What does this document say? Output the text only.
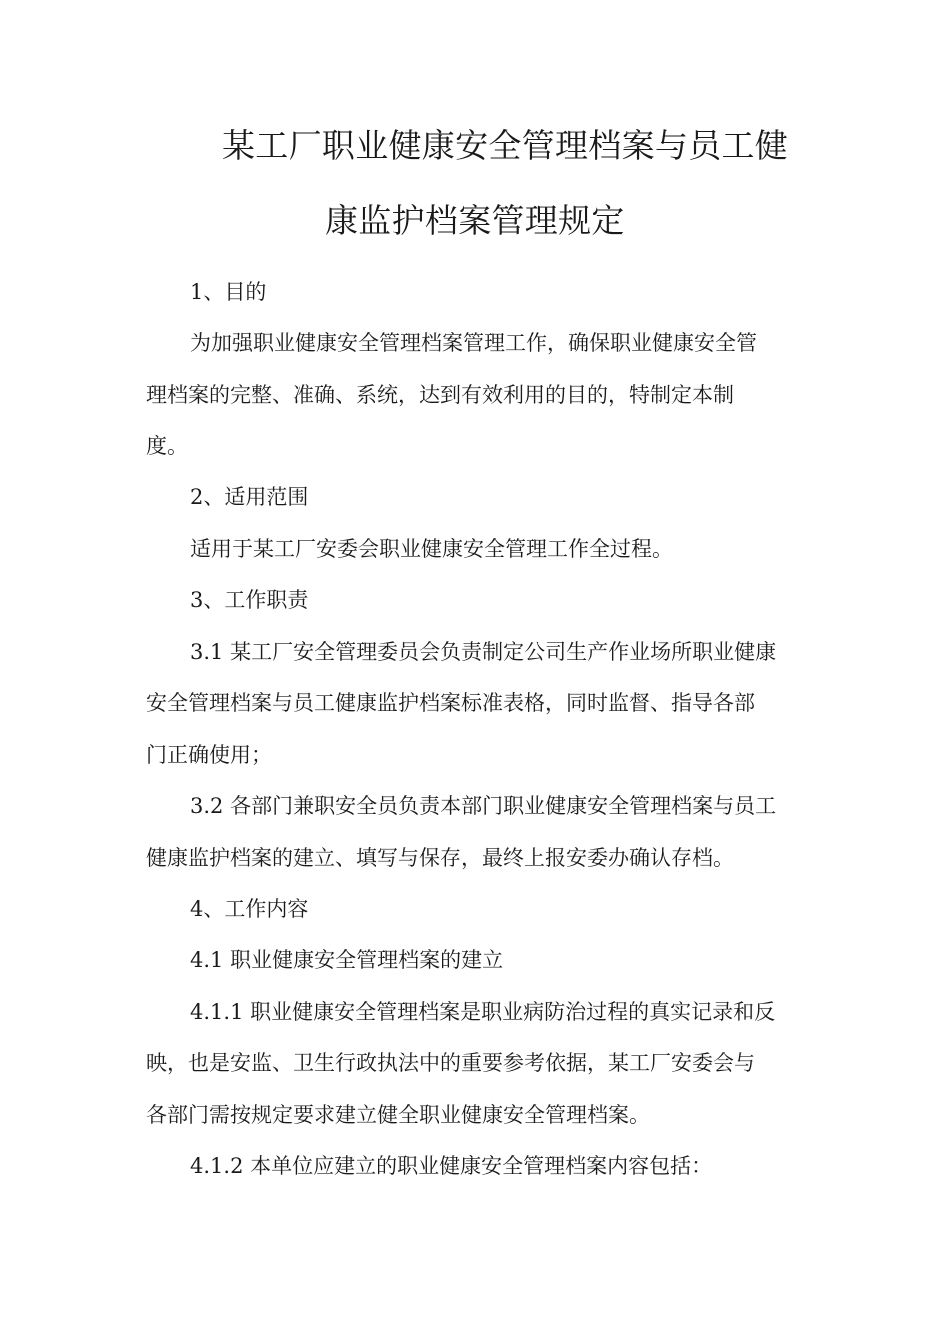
某工厂职业健康安全管理档案与员工健
康监护档案管理规定
1、目的
为加强职业健康安全管理档案管理工作，确保职业健康安全管
理档案的完整、准确、系统，达到有效利用的目的，特制定本制
度。
2、适用范围
适用于某工厂安委会职业健康安全管理工作全过程。
3、工作职责
3.1 某工厂安全管理委员会负责制定公司生产作业场所职业健康
安全管理档案与员工健康监护档案标准表格，同时监督、指导各部
门正确使用；
3.2 各部门兼职安全员负责本部门职业健康安全管理档案与员工
健康监护档案的建立、填写与保存，最终上报安委办确认存档。
4、工作内容
4.1 职业健康安全管理档案的建立
4.1.1 职业健康安全管理档案是职业病防治过程的真实记录和反
映，也是安监、卫生行政执法中的重要参考依据，某工厂安委会与
各部门需按规定要求建立健全职业健康安全管理档案。
4.1.2 本单位应建立的职业健康安全管理档案内容包括：
